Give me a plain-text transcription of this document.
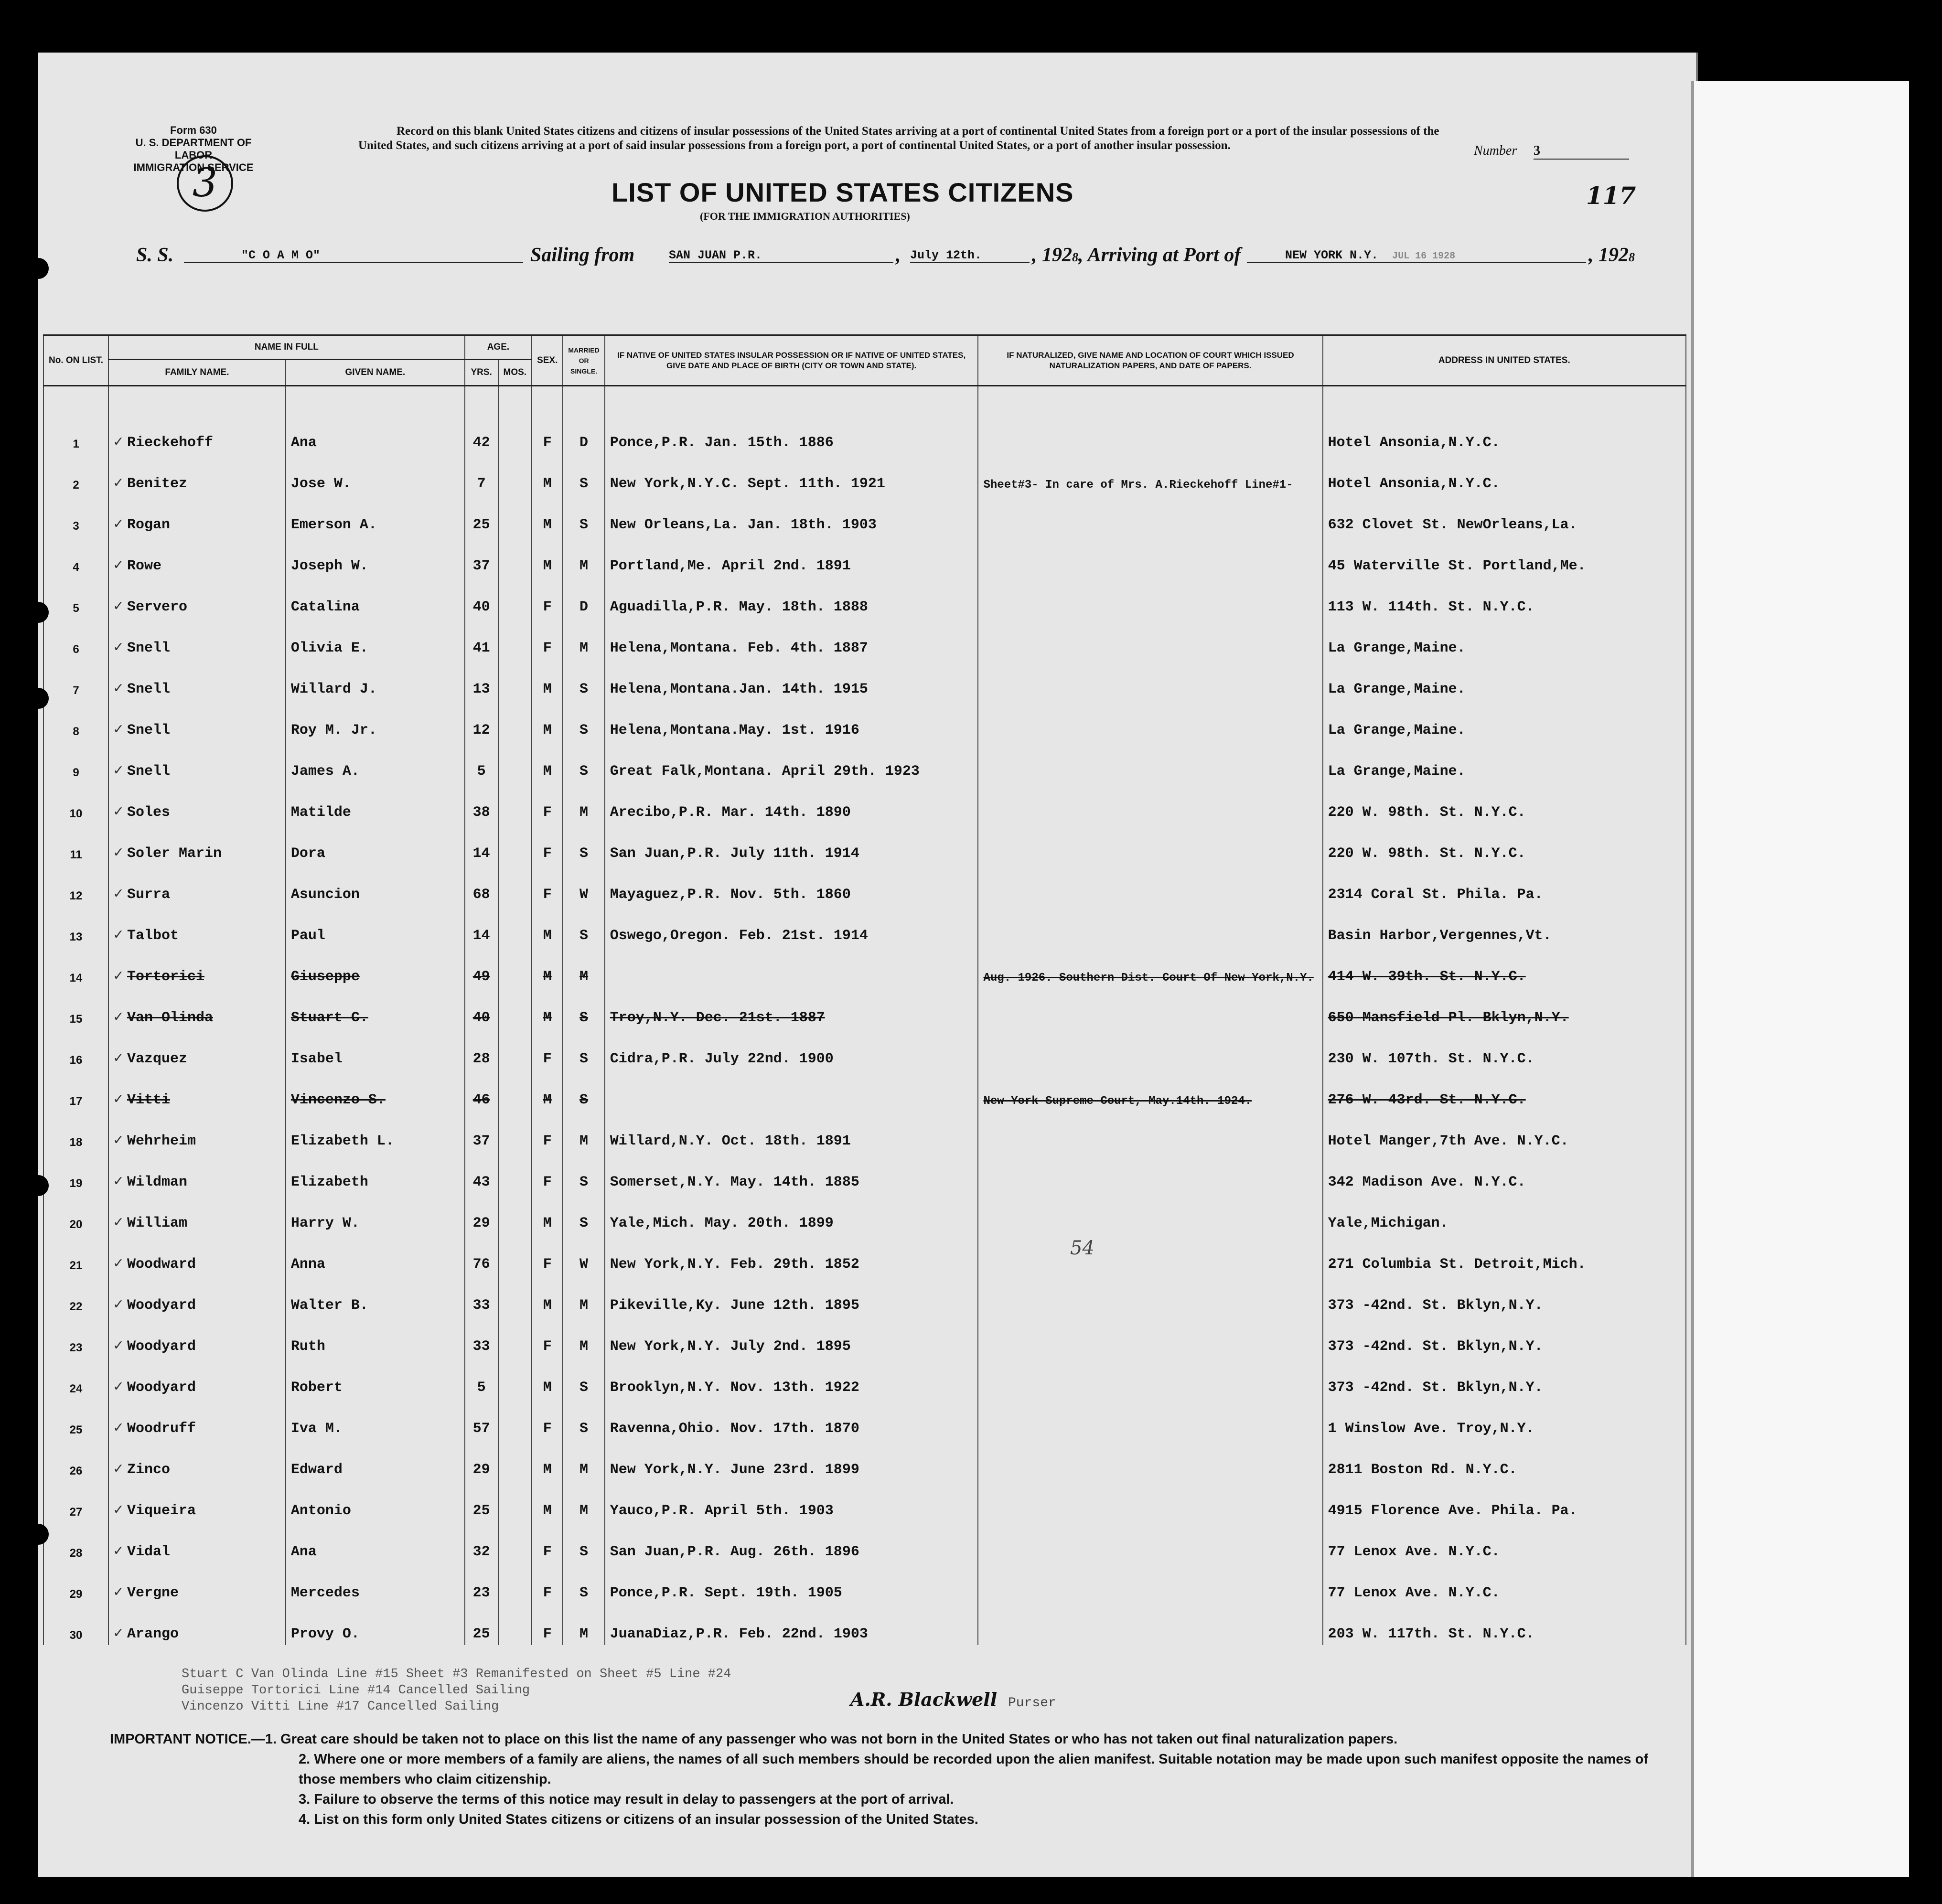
Form 630
U. S. DEPARTMENT OF LABOR
IMMIGRATION SERVICE
3
Record on this blank United States citizens and citizens of insular possessions of the United States arriving at a port of continental United States from a foreign port or a port of the insular possessions of the United States, and such citizens arriving at a port of said insular possessions from a foreign port, a port of continental United States, or a port of another insular possession.	Number 3
117
LIST OF UNITED STATES CITIZENS
(FOR THE IMMIGRATION AUTHORITIES)
S. S.	"C O A M O"	Sailing from	SAN JUAN P.R.	, July 12th.	, 1928, Arriving at Port of	NEW YORK N.Y. JUL 16 1928	, 1928
No. ON LIST.	NAME IN FULL		AGE.		SEX.	MARRIED OR SINGLE.	IF NATIVE OF UNITED STATES INSULAR POSSESSION OR IF NATIVE OF UNITED STATES, GIVE DATE AND PLACE OF BIRTH (CITY OR TOWN AND STATE).	IF NATURALIZED, GIVE NAME AND LOCATION OF COURT WHICH ISSUED NATURALIZATION PAPERS, AND DATE OF PAPERS.	ADDRESS IN UNITED STATES.
	FAMILY NAME.	GIVEN NAME.	YRS.	MOS.					
1	✓ Rieckehoff	Ana	42		F	D	Ponce,P.R. Jan. 15th. 1886		Hotel Ansonia,N.Y.C.
2	✓ Benitez	Jose W.	7		M	S	New York,N.Y.C. Sept. 11th. 1921	Sheet#3- In care of Mrs. A.Rieckehoff Line#1-	Hotel Ansonia,N.Y.C.
3	✓ Rogan	Emerson A.	25		M	S	New Orleans,La. Jan. 18th. 1903		632 Clovet St. NewOrleans,La.
4	✓ Rowe	Joseph W.	37		M	M	Portland,Me. April 2nd. 1891		45 Waterville St. Portland,Me.
5	✓ Servero	Catalina	40		F	D	Aguadilla,P.R. May. 18th. 1888		113 W. 114th. St. N.Y.C.
6	✓ Snell	Olivia E.	41		F	M	Helena,Montana. Feb. 4th. 1887		La Grange,Maine.
7	✓ Snell	Willard J.	13		M	S	Helena,Montana.Jan. 14th. 1915		La Grange,Maine.
8	✓ Snell	Roy M. Jr.	12		M	S	Helena,Montana.May. 1st. 1916		La Grange,Maine.
9	✓ Snell	James A.	5		M	S	Great Falk,Montana. April 29th. 1923		La Grange,Maine.
10	✓ Soles	Matilde	38		F	M	Arecibo,P.R. Mar. 14th. 1890		220 W. 98th. St. N.Y.C.
11	✓ Soler Marin	Dora	14		F	S	San Juan,P.R. July 11th. 1914		220 W. 98th. St. N.Y.C.
12	✓ Surra	Asuncion	68		F	W	Mayaguez,P.R. Nov. 5th. 1860		2314 Coral St. Phila. Pa.
13	✓ Talbot	Paul	14		M	S	Oswego,Oregon. Feb. 21st. 1914		Basin Harbor,Vergennes,Vt.
14	✓ Tortorici	Giuseppe	49		M	M		Aug. 1926. Southern Dist. Court Of New York,N.Y.	414 W. 39th. St. N.Y.C.
15	✓ Van Olinda	Stuart C.	40		M	S	Troy,N.Y. Dec. 21st. 1887		650 Mansfield Pl. Bklyn,N.Y.
16	✓ Vazquez	Isabel	28		F	S	Cidra,P.R. July 22nd. 1900		230 W. 107th. St. N.Y.C.
17	✓ Vitti	Vincenzo S.	46		M	S		New York Supreme Court, May.14th. 1924.	276 W. 43rd. St. N.Y.C.
18	✓ Wehrheim	Elizabeth L.	37		F	M	Willard,N.Y. Oct. 18th. 1891		Hotel Manger,7th Ave. N.Y.C.
19	✓ Wildman	Elizabeth	43		F	S	Somerset,N.Y. May. 14th. 1885		342 Madison Ave. N.Y.C.
20	✓ William	Harry W.	29		M	S	Yale,Mich. May. 20th. 1899		Yale,Michigan.
21	✓ Woodward	Anna	76		F	W	New York,N.Y. Feb. 29th. 1852		271 Columbia St. Detroit,Mich.
22	✓ Woodyard	Walter B.	33		M	M	Pikeville,Ky. June 12th. 1895		373 -42nd. St. Bklyn,N.Y.
23	✓ Woodyard	Ruth	33		F	M	New York,N.Y. July 2nd. 1895		373 -42nd. St. Bklyn,N.Y.
24	✓ Woodyard	Robert	5		M	S	Brooklyn,N.Y. Nov. 13th. 1922		373 -42nd. St. Bklyn,N.Y.
25	✓ Woodruff	Iva M.	57		F	S	Ravenna,Ohio. Nov. 17th. 1870		1 Winslow Ave. Troy,N.Y.
26	✓ Zinco	Edward	29		M	M	New York,N.Y. June 23rd. 1899		2811 Boston Rd. N.Y.C.
27	✓ Viqueira	Antonio	25		M	M	Yauco,P.R. April 5th. 1903		4915 Florence Ave. Phila. Pa.
28	✓ Vidal	Ana	32		F	S	San Juan,P.R. Aug. 26th. 1896		77 Lenox Ave. N.Y.C.
29	✓ Vergne	Mercedes	23		F	S	Ponce,P.R. Sept. 19th. 1905		77 Lenox Ave. N.Y.C.
30	✓ Arango	Provy O.	25		F	M	JuanaDiaz,P.R. Feb. 22nd. 1903		203 W. 117th. St. N.Y.C.
54
Stuart C Van Olinda Line #15 Sheet #3 Remanifested on Sheet #5 Line #24
Guiseppe Tortorici Line #14 Cancelled Sailing
Vincenzo Vitti Line #17 Cancelled Sailing	A.R. Blackwell Purser

IMPORTANT NOTICE.—1. Great care should be taken not to place on this list the name of any passenger who was not born in the United States or who has not taken out final naturalization papers.

2. Where one or more members of a family are aliens, the names of all such members should be recorded upon the alien manifest. Suitable notation may be made upon such manifest opposite the names of those members who claim citizenship.

3. Failure to observe the terms of this notice may result in delay to passengers at the port of arrival.

4. List on this form only United States citizens or citizens of an insular possession of the United States.
